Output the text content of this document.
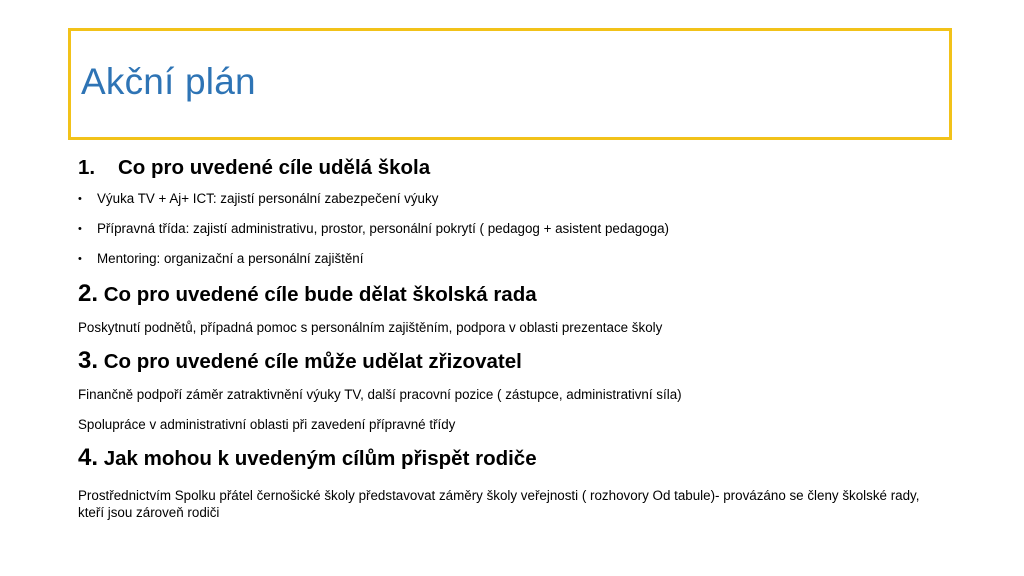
Akční plán
1. Co pro uvedené cíle udělá škola
• Výuka TV + Aj+ ICT: zajistí personální zabezpečení výuky
• Přípravná třída: zajistí administrativu, prostor, personální pokrytí ( pedagog + asistent pedagoga)
• Mentoring: organizační a personální zajištění
2. Co pro uvedené cíle bude dělat školská rada

Poskytnutí podnětů, případná pomoc s personálním zajištěním, podpora v oblasti prezentace školy

3. Co pro uvedené cíle může udělat zřizovatel

Finančně podpoří záměr zatraktivnění výuky TV, další pracovní pozice ( zástupce, administrativní síla)

Spolupráce v administrativní oblasti při zavedení přípravné třídy

4. Jak mohou k uvedeným cílům přispět rodiče

Prostřednictvím Spolku přátel černošické školy představovat záměry školy veřejnosti ( rozhovory Od tabule)- provázáno se členy školské rady, kteří jsou zároveň rodiči
